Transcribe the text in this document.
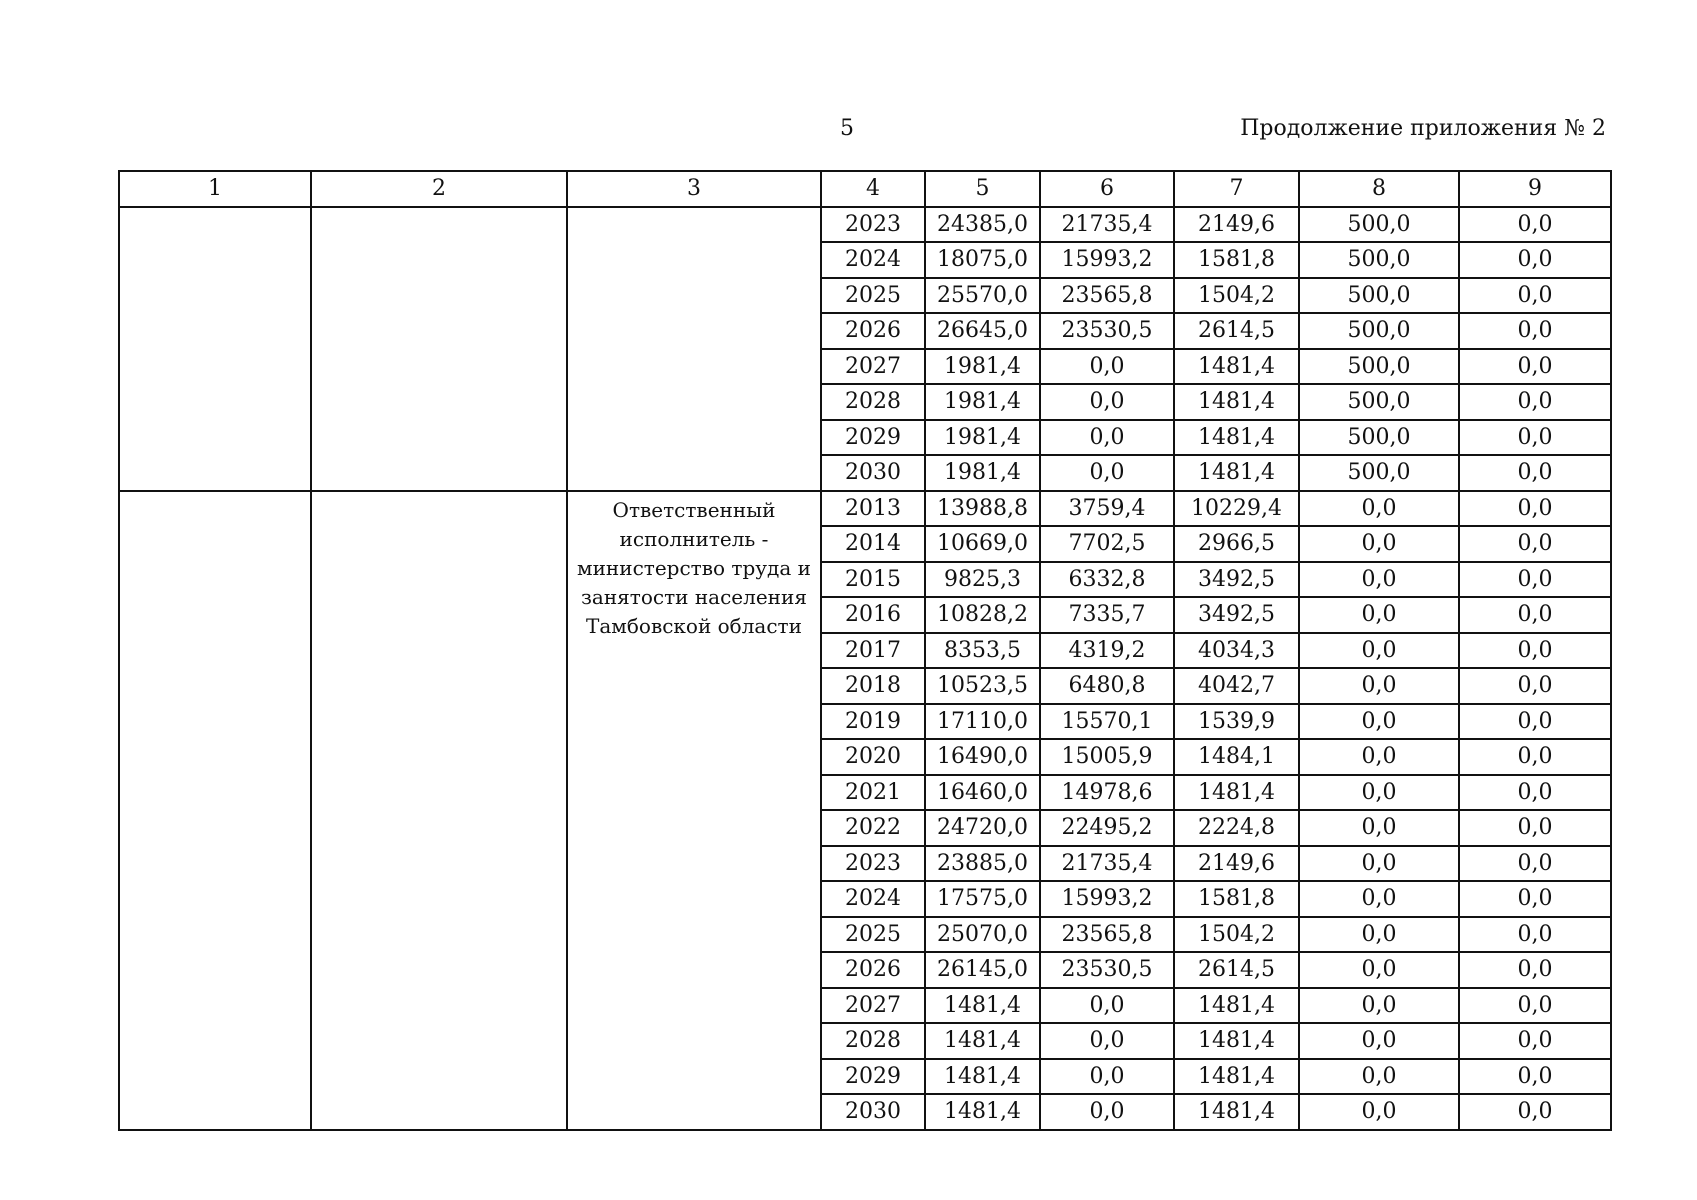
5	Продолжение приложения № 2
1	2	3	4	5	6	7	8	9
			2023	24385,0	21735,4	2149,6	500,0	0,0
			2024	18075,0	15993,2	1581,8	500,0	0,0
			2025	25570,0	23565,8	1504,2	500,0	0,0
			2026	26645,0	23530,5	2614,5	500,0	0,0
			2027	1981,4	0,0	1481,4	500,0	0,0
			2028	1981,4	0,0	1481,4	500,0	0,0
			2029	1981,4	0,0	1481,4	500,0	0,0
			2030	1981,4	0,0	1481,4	500,0	0,0

		Ответственный
исполнитель -
министерство труда и
занятости населения
Тамбовской области	2013	13988,8	3759,4	10229,4	0,0	0,0
			2014	10669,0	7702,5	2966,5	0,0	0,0
			2015	9825,3	6332,8	3492,5	0,0	0,0
			2016	10828,2	7335,7	3492,5	0,0	0,0
			2017	8353,5	4319,2	4034,3	0,0	0,0
			2018	10523,5	6480,8	4042,7	0,0	0,0
			2019	17110,0	15570,1	1539,9	0,0	0,0
			2020	16490,0	15005,9	1484,1	0,0	0,0
			2021	16460,0	14978,6	1481,4	0,0	0,0
			2022	24720,0	22495,2	2224,8	0,0	0,0
			2023	23885,0	21735,4	2149,6	0,0	0,0
			2024	17575,0	15993,2	1581,8	0,0	0,0
			2025	25070,0	23565,8	1504,2	0,0	0,0
			2026	26145,0	23530,5	2614,5	0,0	0,0
			2027	1481,4	0,0	1481,4	0,0	0,0
			2028	1481,4	0,0	1481,4	0,0	0,0
			2029	1481,4	0,0	1481,4	0,0	0,0
			2030	1481,4	0,0	1481,4	0,0	0,0
